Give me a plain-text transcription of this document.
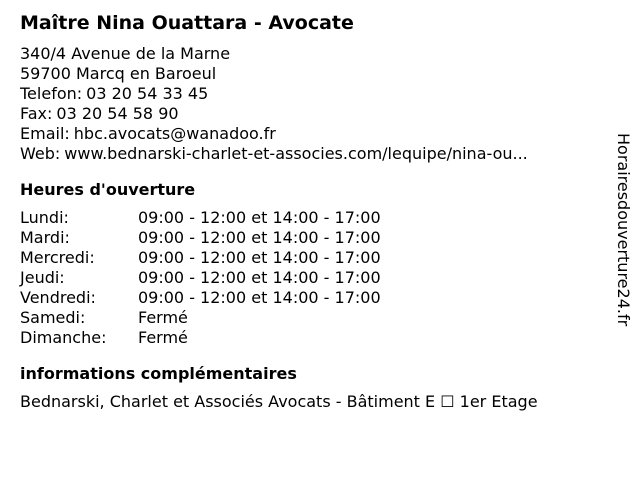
Maître Nina Ouattara - Avocate
340/4 Avenue de la Marne
59700 Marcq en Baroeul
Telefon: 03 20 54 33 45
Fax: 03 20 54 58 90
Email: hbc.avocats@wanadoo.fr
Web: www.bednarski-charlet-et-associes.com/lequipe/nina-ou...
Heures d'ouverture
Lundi:	09:00 - 12:00 et 14:00 - 17:00
Mardi:	09:00 - 12:00 et 14:00 - 17:00
Mercredi:	09:00 - 12:00 et 14:00 - 17:00
Jeudi:	09:00 - 12:00 et 14:00 - 17:00
Vendredi:	09:00 - 12:00 et 14:00 - 17:00
Samedi:	Fermé
Dimanche:	Fermé
informations complémentaires
Bednarski, Charlet et Associés Avocats - Bâtiment E ☐ 1er Etage
Horairesdouverture24.fr
